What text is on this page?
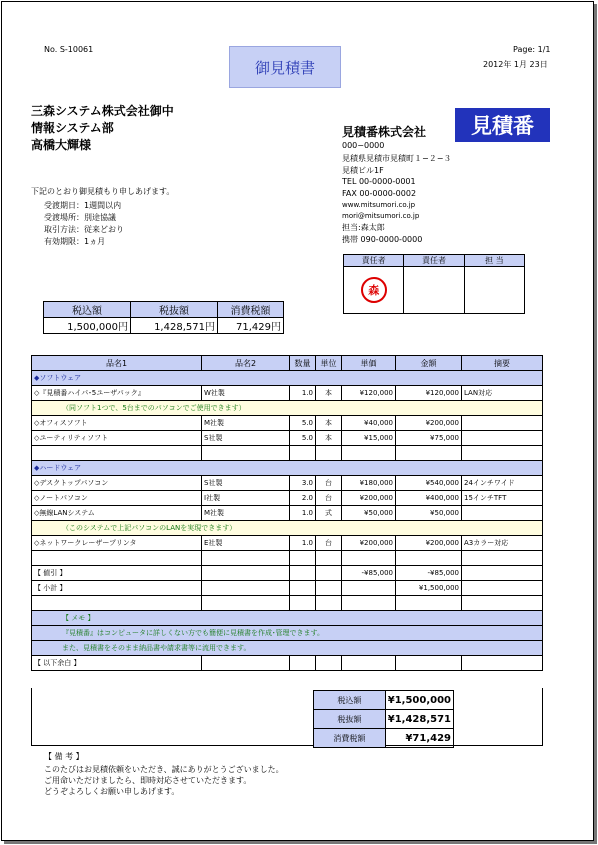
No. S-10061
御見積書
Page: 1/1
2012年 1月 23日
三森システム株式会社御中
情報システム部
高橋大輝様
下記のとおり御見積もり申しあげます。
受渡期日：1週間以内
受渡場所：別途協議
取引方法：従来どおり
有効期限：1ヵ月
見積番株式会社	見積番
000−0000
見積県見積市見積町１−２−３
見積ビル1F
TEL 00-0000-0001
FAX 00-0000-0002
www.mitsumori.co.jp
mori@mitsumori.co.jp
担当:森太郎
携帯 090-0000-0000
責任者	責任者	担 当
森		
税込額	税抜額	消費税額
1,500,000円	1,428,571円	71,429円
品名1	品名2	数量	単位	単価	金額	摘要
◆ソフトウェア						
◇『見積番ハイパ･5ユーザパック』	W社製	1.0	本	¥120,000	¥120,000	LAN対応
（同ソフト1つで、5台までのパソコンでご使用できます）						
◇オフィスソフト	M社製	5.0	本	¥40,000	¥200,000	
◇ユーティリティソフト	S社製	5.0	本	¥15,000	¥75,000	

◆ハードウェア						
◇デスクトップパソコン	S社製	3.0	台	¥180,000	¥540,000	24インチワイド
◇ノートパソコン	I社製	2.0	台	¥200,000	¥400,000	15インチTFT
◇無線LANシステム	M社製	1.0	式	¥50,000	¥50,000	
（このシステムで上記パソコンのLANを実現できます）						
◇ネットワークレーザープリンタ	E社製	1.0	台	¥200,000	¥200,000	A3カラー対応

【 値引 】				-¥85,000	-¥85,000	
【 小計 】					¥1,500,000	

【 メモ 】						
『見積番』はコンピュータに詳しくない方でも簡便に見積書を作成･管理できます。						
また、見積書をそのまま納品書や請求書等に流用できます。						
【 以下余白 】						
税込額	¥1,500,000
税抜額	¥1,428,571
消費税額	¥71,429
【 備 考 】
このたびはお見積依頼をいただき、誠にありがとうございました。
ご用命いただけましたら、即時対応させていただきます。
どうぞよろしくお願い申しあげます。
